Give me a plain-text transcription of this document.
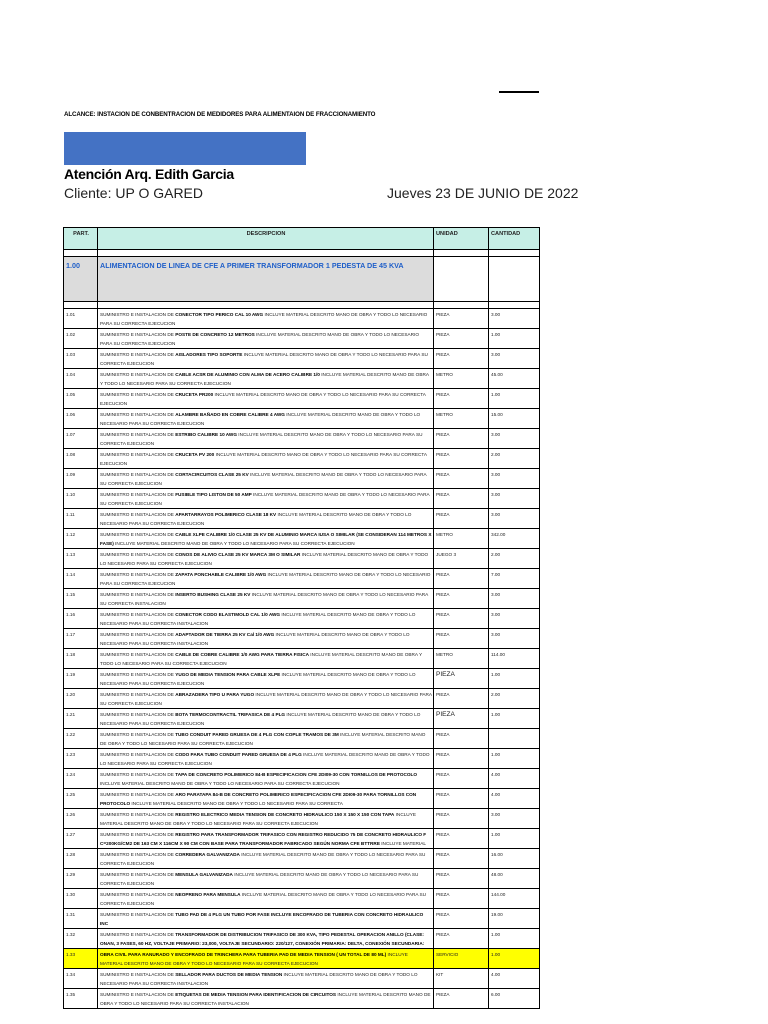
ALCANCE: INSTACION DE CONBENTRACION DE MEDIDORES PARA ALIMENTAION DE FRACCIONAMIENTO
Atención Arq. Edith Garcia
Cliente: UP O GARED	Jueves 23 DE JUNIO DE 2022
PART.	DESCRIPCION	UNIDAD	CANTIDAD

1.00	ALIMENTACION DE LINEA DE CFE A PRIMER TRANSFORMADOR 1 PEDESTA DE 45 KVA		

1.01	SUMINISTRO E INSTALACION DE CONECTOR TIPO PERICO CAL 10 AWG INCLUYE MATERIAL DESCRITO MANO DE OBRA Y TODO LO NECESARIO PARA SU CORRECTA EJECUCION	PIEZA	3.00
1.02	SUMINISTRO E INSTALACION DE POSTE DE CONCRETO 12 METROS INCLUYE MATERIAL DESCRITO MANO DE OBRA Y TODO LO NECESARIO PARA SU CORRECTA EJECUCION	PIEZA	1.00
1.03	SUMINISTRO E INSTALACION DE AISLADORES TIPO SOPORTE INCLUYE MATERIAL DESCRITO MANO DE OBRA Y TODO LO NECESARIO PARA SU CORRECTA EJECUCION	PIEZA	3.00
1.04	SUMINISTRO E INSTALACION DE CABLE ACSR DE ALUMINIO CON ALMA DE ACERO CALIBRE 1/0 INCLUYE MATERIAL DESCRITO MANO DE OBRA Y TODO LO NECESARIO PARA SU CORRECTA EJECUCION	METRO	45.00
1.05	SUMINISTRO E INSTALACION DE CRUCETA PR200 INCLUYE MATERIAL DESCRITO MANO DE OBRA Y TODO LO NECESARIO PARA SU CORRECTA EJECUCION	PIEZA	1.00
1.06	SUMINISTRO E INSTALACION DE ALAMBRE BAÑADO EN COBRE CALIBRE 4 AWG INCLUYE MATERIAL DESCRITO MANO DE OBRA Y TODO LO NECESARIO PARA SU CORRECTA EJECUCION	METRO	15.00
1.07	SUMINISTRO E INSTALACION DE ESTRIBO CALIBRE 10 AWG INCLUYE MATERIAL DESCRITO MANO DE OBRA Y TODO LO NECESARIO PARA SU CORRECTA EJECUCION	PIEZA	3.00
1.08	SUMINISTRO E INSTALACION DE CRUCETA PV 200 INCLUYE MATERIAL DESCRITO MANO DE OBRA Y TODO LO NECESARIO PARA SU CORRECTA EJECUCION	PIEZA	2.00
1.09	SUMINISTRO E INSTALACION DE CORTACIRCUITOS CLASE 25 KV INCLUYE MATERIAL DESCRITO MANO DE OBRA Y TODO LO NECESARIO PARA SU CORRECTA EJECUCION	PIEZA	3.00
1.10	SUMINISTRO E INSTALACION DE FUSIBLE TIPO LISTON DE 50 AMP INCLUYE MATERIAL DESCRITO MANO DE OBRA Y TODO LO NECESARIO PARA SU CORRECTA EJECUCION	PIEZA	3.00
1.11	SUMINISTRO E INSTALACION DE APARTARRAYOS POLIMERICO CLASE 18 KV INCLUYE MATERIAL DESCRITO MANO DE OBRA Y TODO LO NECESARIO PARA SU CORRECTA EJECUCION	PIEZA	3.00
1.12	SUMINISTRO E INSTALACION DE CABLE XLPE CALIBRE 1/0 CLASE 25 KV DE ALUMINIO MARCA IUSA O SIMILAR (SE CONSIDERAN 114 METROS X FASE) INCLUYE MATERIAL DESCRITO MANO DE OBRA Y TODO LO NECESARIO PARA SU CORRECTA EJECUCION	METRO	342.00
1.13	SUMINISTRO E INSTALACION DE CONOS DE ALIVIO CLASE 25 KV MARCA 3M O SIMILAR INCLUYE MATERIAL DESCRITO MANO DE OBRA Y TODO LO NECESARIO PARA SU CORRECTA EJECUCION	JUEGO 3	2.00
1.14	SUMINISTRO E INSTALACION DE ZAPATA PONCHABLE CALIBRE 1/0 AWG INCLUYE MATERIAL DESCRITO MANO DE OBRA Y TODO LO NECESARIO PARA SU CORRECTA EJECUCION	PIEZA	7.00
1.15	SUMINISTRO E INSTALACION DE INSERTO BUSHING CLASE 25 KV INCLUYE MATERIAL DESCRITO MANO DE OBRA Y TODO LO NECESARIO PARA SU CORRECTA INSTALACION	PIEZA	3.00
1.16	SUMINISTRO E INSTALACION DE CONECTOR CODO ELASTIMOLD CAL 1/0 AWG INCLUYE MATERIAL DESCRITO MANO DE OBRA Y TODO LO NECESARIO PARA SU CORRECTA INSTALACION	PIEZA	3.00
1.17	SUMINISTRO E INSTALACION DE ADAPTADOR DE TIERRA 25 KV Cal 1/0 AWG INCLUYE MATERIAL DESCRITO MANO DE OBRA Y TODO LO NECESARIO PARA SU CORRECTA INSTALACION	PIEZA	3.00
1.18	SUMINISTRO E INSTALACION DE CABLE DE COBRE CALIBRE 1/0 AWG PARA TIERRA FISICA INCLUYE MATERIAL DESCRITO MANO DE OBRA Y TODO LO NECESARIO PARA SU CORRECTA EJECUCION	METRO	114.00
1.19	SUMINISTRO E INSTALACION DE YUGO DE MEDIA TENSION PARA CABLE XLPE INCLUYE MATERIAL DESCRITO MANO DE OBRA Y TODO LO NECESARIO PARA SU CORRECTA EJECUCION	PIEZA	1.00
1.20	SUMINISTRO E INSTALACION DE ABRAZADERA TIPO U PARA YUGO INCLUYE MATERIAL DESCRITO MANO DE OBRA Y TODO LO NECESARIO PARA SU CORRECTA EJECUCION	PIEZA	2.00
1.21	SUMINISTRO E INSTALACION DE BOTA TERMOCONTRACTIL TRIFASICA DE 4 PLG INCLUYE MATERIAL DESCRITO MANO DE OBRA Y TODO LO NECESARIO PARA SU CORRECTA EJECUCION	PIEZA	1.00
1.22	SUMINISTRO E INSTALACION DE TUBO CONDUIT PARED GRUESA DE 4 PLG CON COPLE TRAMOS DE 3M INCLUYE MATERIAL DESCRITO MANO DE OBRA Y TODO LO NECESARIO PARA SU CORRECTA EJECUCION	PIEZA	
1.23	SUMINISTRO E INSTALACION DE CODO PARA TUBO CONDUIT PARED GRUESA DE 4 PLG INCLUYE MATERIAL DESCRITO MANO DE OBRA Y TODO LO NECESARIO PARA SU CORRECTA EJECUCION	PIEZA	1.00
1.24	SUMINISTRO E INSTALACION DE TAPA DE CONCRETO POLIMERICO 84-B ESPECIFICACION CFE 2DI09-30 CON TORNILLOS DE PROTOCOLO INCLUYE MATERIAL DESCRITO MANO DE OBRA Y TODO LO NECESARIO PARA SU CORRECTA EJECUCION	PIEZA	4.00
1.25	SUMINISTRO E INSTALACION DE ARO PARATAPA 84-B DE CONCRETO POLIMERICO ESPECIFICACION CFE 2DI09-30 PARA TORNILLOS CON PROTOCOLO INCLUYE MATERIAL DESCRITO MANO DE OBRA Y TODO LO NECESARIO PARA SU CORRECTA	PIEZA	4.00
1.26	SUMINISTRO E INSTALACION DE REGISTRO ELECTRICO MEDIA TENSION DE CONCRETO HIDRAULICO 150 X 150 X 150 CON TAPA INCLUYE MATERIAL DESCRITO MANO DE OBRA Y TODO LO NECESARIO PARA SU CORRECTA EJECUCION	PIEZA	3.00
1.27	SUMINISTRO E INSTALACION DE REGISTRO PARA TRANSFORMADOR TRIFASICO CON REGISTRO REDUCIDO 75 DE CONCRETO HIDRAULICO F C=200KG/CM2 DE 163 CM X 116CM X 90 CM CON BASE PARA TRANSFORMADOR FABRICADO SEGÚN NORMA CFE BTTRRE INCLUYE MATERIAL	PIEZA	1.00
1.28	SUMINISTRO E INSTALACION DE CORREDERA GALVANIZADA INCLUYE MATERIAL DESCRITO MANO DE OBRA Y TODO LO NECESARIO PARA SU CORRECTA EJECUCION	PIEZA	16.00
1.29	SUMINISTRO E INSTALACION DE MENSULA GALVANIZADA INCLUYE MATERIAL DESCRITO MANO DE OBRA Y TODO LO NECESARIO PARA SU CORRECTA EJECUCION	PIEZA	48.00
1.30	SUMINISTRO E INSTALACION DE NEOPRENO PARA MENSULA INCLUYE MATERIAL DESCRITO MANO DE OBRA Y TODO LO NECESARIO PARA SU CORRECTA EJECUCION	PIEZA	144.00
1.31	SUMINISTRO E INSTALACION DE TUBO PAD DE 4 PLG UN TUBO POR FASE INCLUYE ENCOFRADO DE TUBERIA CON CONCRETO HIDRAULICO INC	PIEZA	19.00
1.32	SUMINISTRO E INSTALACION DE TRANSFORMADOR DE DISTRIBUCION TRIFASICO DE 300 KVA, TIPO PEDESTAL OPERACION ANILLO (CLASE: ONAN, 3 FASES, 60 HZ, VOLTAJE PRIMARIO: 23,000, VOLTAJE SECUNDARIO: 220/127, CONEXIÓN PRIMARIA: DELTA, CONEXIÓN SECUNDARIA:	PIEZA	1.00
1.33	OBRA CIVIL PARA RANURADO Y ENCOFRADO DE TRINCHERA PARA TUBERIA PAD DE MEDIA TENSION ( UN TOTAL DE 80 ML) INCLUYE MATERIAL DESCRITO MANO DE OBRA Y TODO LO NECESARIO PARA SU CORRECTA EJECUCION	SERVICIO	1.00
1.34	SUMINISTRO E INSTALACION DE SELLADOR PARA DUCTOS DE MEDIA TENSION INCLUYE MATERIAL DESCRITO MANO DE OBRA Y TODO LO NECESARIO PARA SU CORRECTA INSTALACION	KIT	4.00
1.35	SUMINISTRO E INSTALACION DE ETIQUETAS DE MEDIA TENSION PARA IDENTIFICACION DE CIRCUITOS INCLUYE MATERIAL DESCRITO MANO DE OBRA Y TODO LO NECESARIO PARA SU CORRECTA INSTALACION	PIEZA	6.00
